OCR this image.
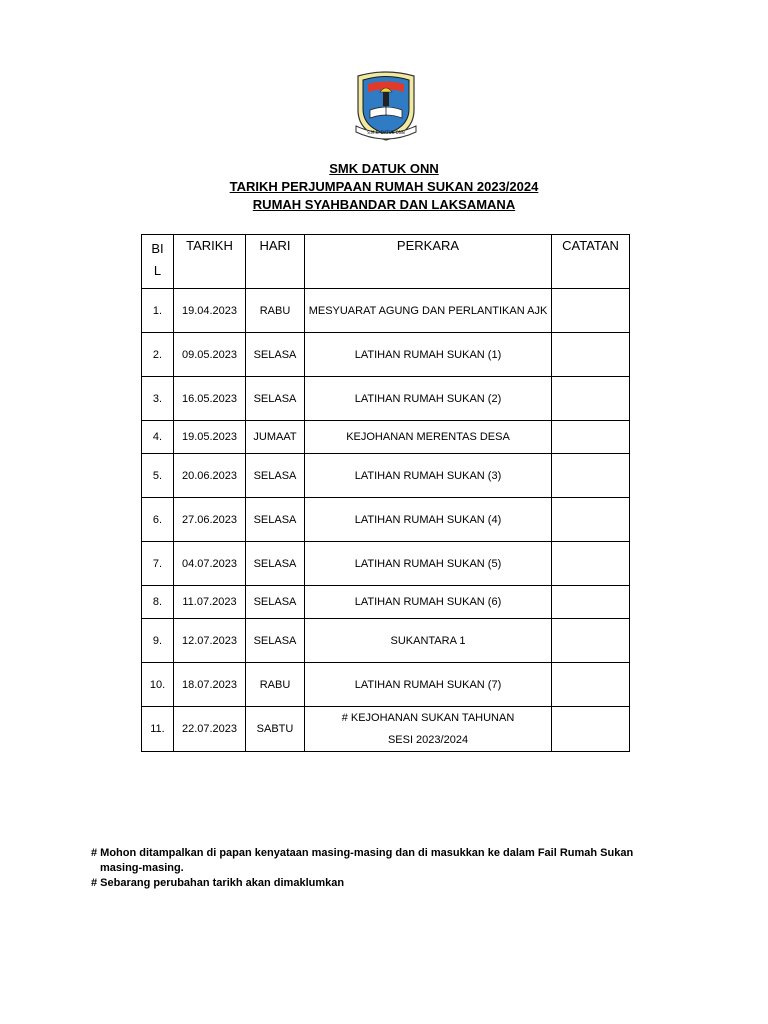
S.M.K. DATUK ONN
SMK DATUK ONN
TARIKH PERJUMPAAN RUMAH SUKAN 2023/2024
RUMAH SYAHBANDAR DAN LAKSAMANA
BI
L	TARIKH	HARI	PERKARA	CATATAN
1.	19.04.2023	RABU	MESYUARAT AGUNG DAN PERLANTIKAN AJK	
2.	09.05.2023	SELASA	LATIHAN RUMAH SUKAN (1)	
3.	16.05.2023	SELASA	LATIHAN RUMAH SUKAN (2)	
4.	19.05.2023	JUMAAT	KEJOHANAN MERENTAS DESA	
5.	20.06.2023	SELASA	LATIHAN RUMAH SUKAN (3)	
6.	27.06.2023	SELASA	LATIHAN RUMAH SUKAN (4)	
7.	04.07.2023	SELASA	LATIHAN RUMAH SUKAN (5)	
8.	11.07.2023	SELASA	LATIHAN RUMAH SUKAN (6)	
9.	12.07.2023	SELASA	SUKANTARA 1	
10.	18.07.2023	RABU	LATIHAN RUMAH SUKAN (7)	
11.	22.07.2023	SABTU	# KEJOHANAN SUKAN TAHUNAN
SESI 2023/2024	
# Mohon ditampalkan di papan kenyataan masing-masing dan di masukkan ke dalam Fail Rumah Sukan
masing-masing.
# Sebarang perubahan tarikh akan dimaklumkan
